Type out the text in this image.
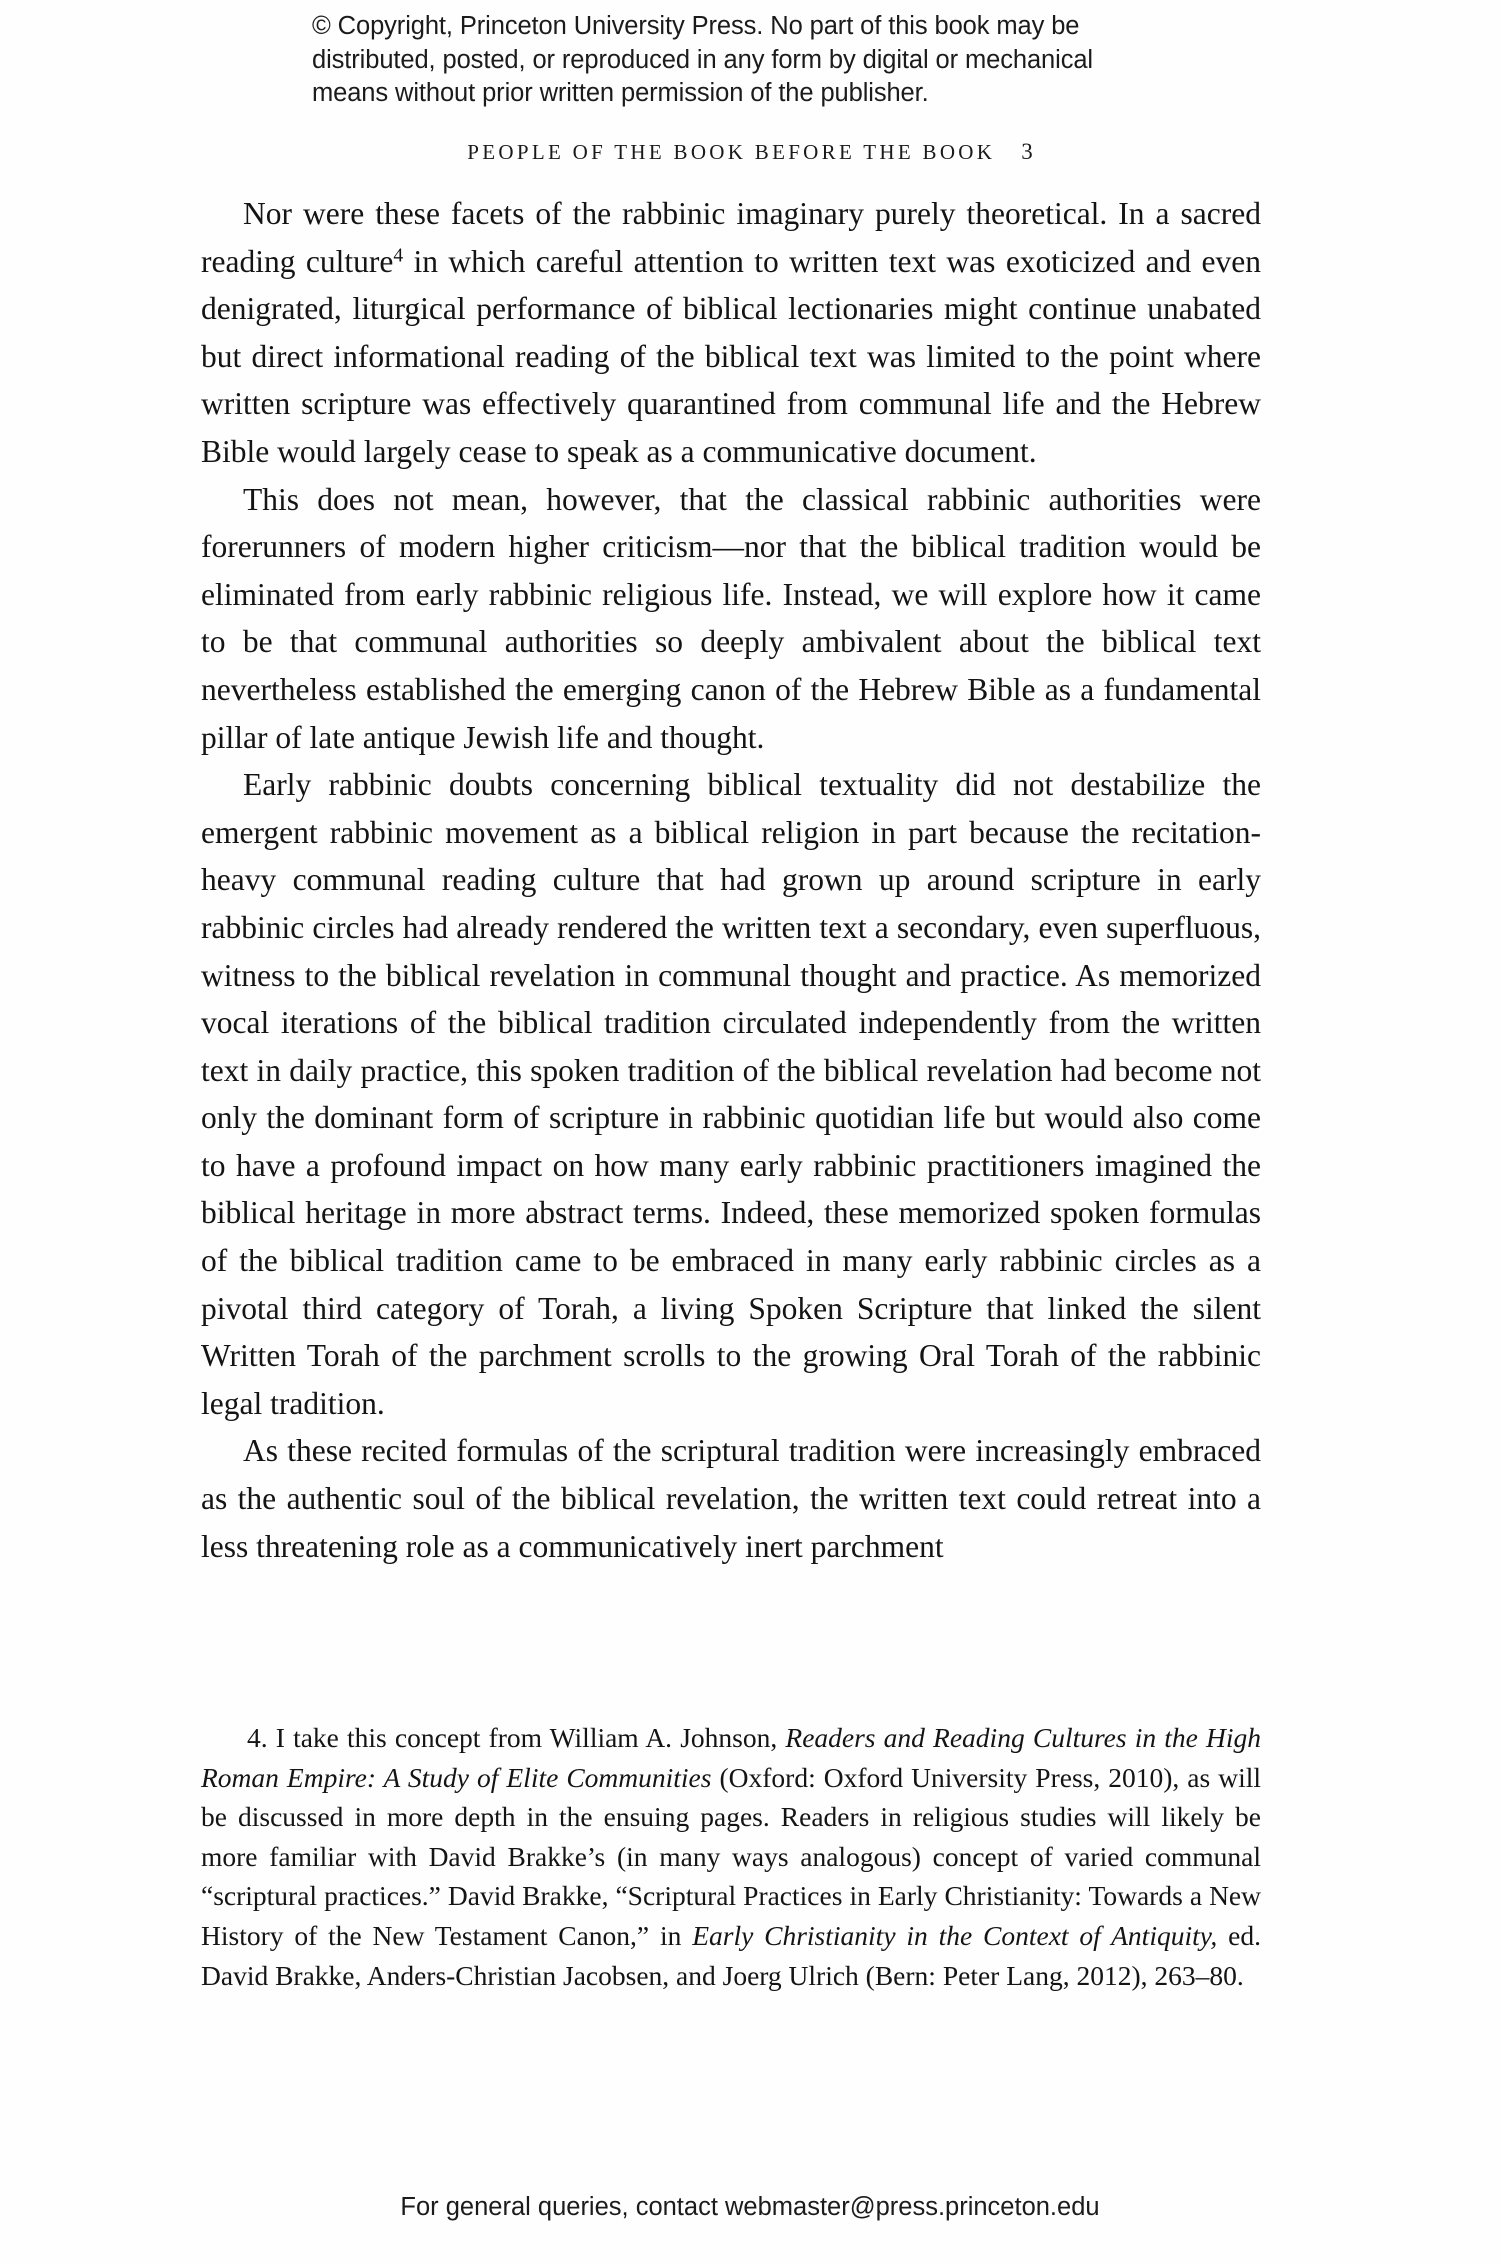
© Copyright, Princeton University Press. No part of this book may be
distributed, posted, or reproduced in any form by digital or mechanical
means without prior written permission of the publisher.
PEOPLE OF THE BOOK BEFORE THE BOOK 3

Nor were these facets of the rabbinic imaginary purely theoretical. In a sacred reading culture$^4$ in which careful attention to written text was exoticized and even denigrated, liturgical performance of biblical lectionaries might continue unabated but direct informational reading of the biblical text was limited to the point where written scripture was effectively quarantined from communal life and the Hebrew Bible would largely cease to speak as a communicative document.

This does not mean, however, that the classical rabbinic authorities were forerunners of modern higher criticism—nor that the biblical tradition would be eliminated from early rabbinic religious life. Instead, we will explore how it came to be that communal authorities so deeply ambivalent about the biblical text nevertheless established the emerging canon of the Hebrew Bible as a fundamental pillar of late antique Jewish life and thought.

Early rabbinic doubts concerning biblical textuality did not destabilize the emergent rabbinic movement as a biblical religion in part because the recitation-heavy communal reading culture that had grown up around scripture in early rabbinic circles had already rendered the written text a secondary, even superfluous, witness to the biblical revelation in communal thought and practice. As memorized vocal iterations of the biblical tradition circulated independently from the written text in daily practice, this spoken tradition of the biblical revelation had become not only the dominant form of scripture in rabbinic quotidian life but would also come to have a profound impact on how many early rabbinic practitioners imagined the biblical heritage in more abstract terms. Indeed, these memorized spoken formulas of the biblical tradition came to be embraced in many early rabbinic circles as a pivotal third category of Torah, a living Spoken Scripture that linked the silent Written Torah of the parchment scrolls to the growing Oral Torah of the rabbinic legal tradition.

As these recited formulas of the scriptural tradition were increasingly embraced as the authentic soul of the biblical revelation, the written text could retreat into a less threatening role as a communicatively inert parchment

4. I take this concept from William A. Johnson, Readers and Reading Cultures in the High Roman Empire: A Study of Elite Communities (Oxford: Oxford University Press, 2010), as will be discussed in more depth in the ensuing pages. Readers in religious studies will likely be more familiar with David Brakke’s (in many ways analogous) concept of varied communal “scriptural practices.” David Brakke, “Scriptural Practices in Early Christianity: Towards a New History of the New Testament Canon,” in Early Christianity in the Context of Antiquity, ed. David Brakke, Anders-Christian Jacobsen, and Joerg Ulrich (Bern: Peter Lang, 2012), 263–80.

For general queries, contact webmaster@press.princeton.edu
